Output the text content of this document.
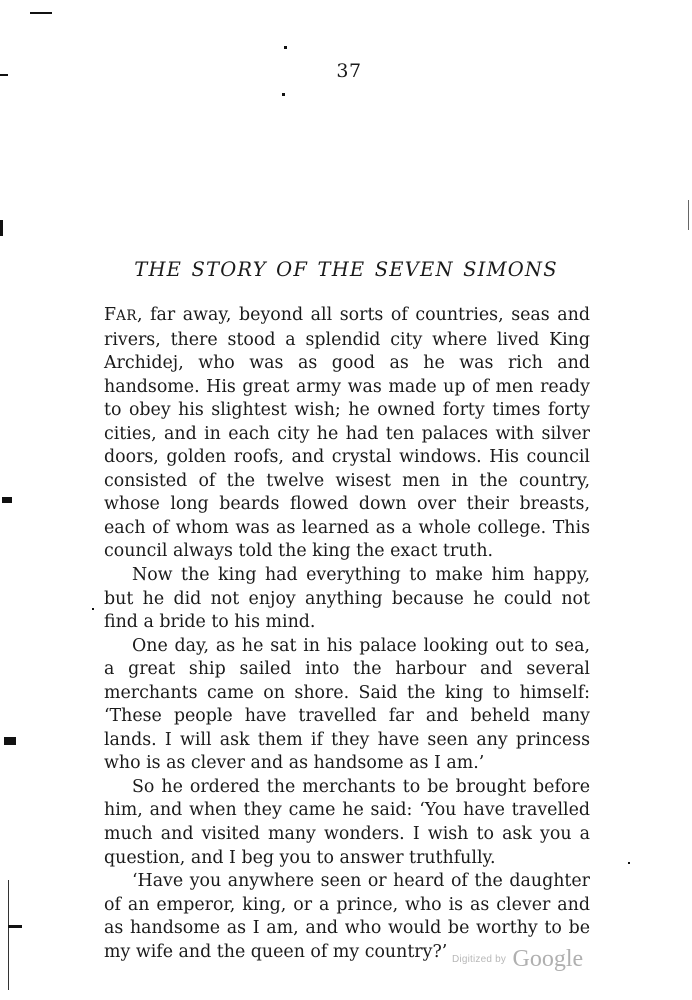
37
THE STORY OF THE SEVEN SIMONS

FAR, far away, beyond all sorts of countries, seas and rivers, there stood a splendid city where lived King Archidej, who was as good as he was rich and handsome. His great army was made up of men ready to obey his slightest wish; he owned forty times forty cities, and in each city he had ten palaces with silver doors, golden roofs, and crystal windows. His council consisted of the twelve wisest men in the country, whose long beards flowed down over their breasts, each of whom was as learned as a whole college. This council always told the king the exact truth.

Now the king had everything to make him happy, but he did not enjoy anything because he could not find a bride to his mind.

One day, as he sat in his palace looking out to sea, a great ship sailed into the harbour and several merchants came on shore. Said the king to himself: ‘These people have travelled far and beheld many lands. I will ask them if they have seen any princess who is as clever and as handsome as I am.’

So he ordered the merchants to be brought before him, and when they came he said: ‘You have travelled much and visited many wonders. I wish to ask you a question, and I beg you to answer truthfully.

‘Have you anywhere seen or heard of the daughter of an emperor, king, or a prince, who is as clever and as handsome as I am, and who would be worthy to be my wife and the queen of my country?’ Digitized by Google
